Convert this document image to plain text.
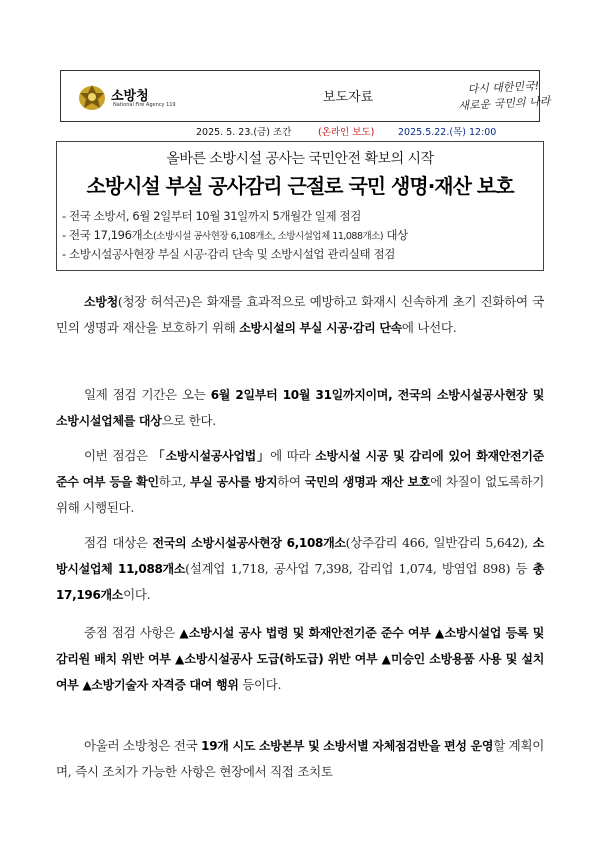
소방청
National Fire Agency 119	보도자료
다시 대한민국!
새로운 국민의 나라
2025. 5. 23.(금) 조간	(온라인 보도) 2025.5.22.(목) 12:00
올바른 소방시설 공사는 국민안전 확보의 시작
소방시설 부실 공사감리 근절로 국민 생명·재산 보호
- 전국 소방서, 6월 2일부터 10월 31일까지 5개월간 일제 점검
- 전국 17,196개소(소방시설 공사현장 6,108개소, 소방시설업체 11,088개소) 대상
- 소방시설공사현장 부실 시공·감리 단속 및 소방시설업 관리실태 점검
소방청(청장 허석곤)은 화재를 효과적으로 예방하고 화재시 신속하게 초기 진화하여 국민의 생명과 재산을 보호하기 위해 소방시설의 부실 시공·감리 단속에 나선다.
일제 점검 기간은 오는 6월 2일부터 10월 31일까지이며, 전국의 소방시설공사현장 및 소방시설업체를 대상으로 한다.
이번 점검은 「소방시설공사업법」에 따라 소방시설 시공 및 감리에 있어 화재안전기준 준수 여부 등을 확인하고, 부실 공사를 방지하여 국민의 생명과 재산 보호에 차질이 없도록하기 위해 시행된다.
점검 대상은 전국의 소방시설공사현장 6,108개소(상주감리 466, 일반감리 5,642), 소방시설업체 11,088개소(설계업 1,718, 공사업 7,398, 감리업 1,074, 방염업 898) 등 총 17,196개소이다.
중점 점검 사항은 ▲소방시설 공사 법령 및 화재안전기준 준수 여부 ▲소방시설업 등록 및 감리원 배치 위반 여부 ▲소방시설공사 도급(하도급) 위반 여부 ▲미승인 소방용품 사용 및 설치 여부 ▲소방기술자 자격증 대여 행위 등이다.
아울러 소방청은 전국 19개 시도 소방본부 및 소방서별 자체점검반을 편성 운영할 계획이며, 즉시 조치가 가능한 사항은 현장에서 직접 조치토
